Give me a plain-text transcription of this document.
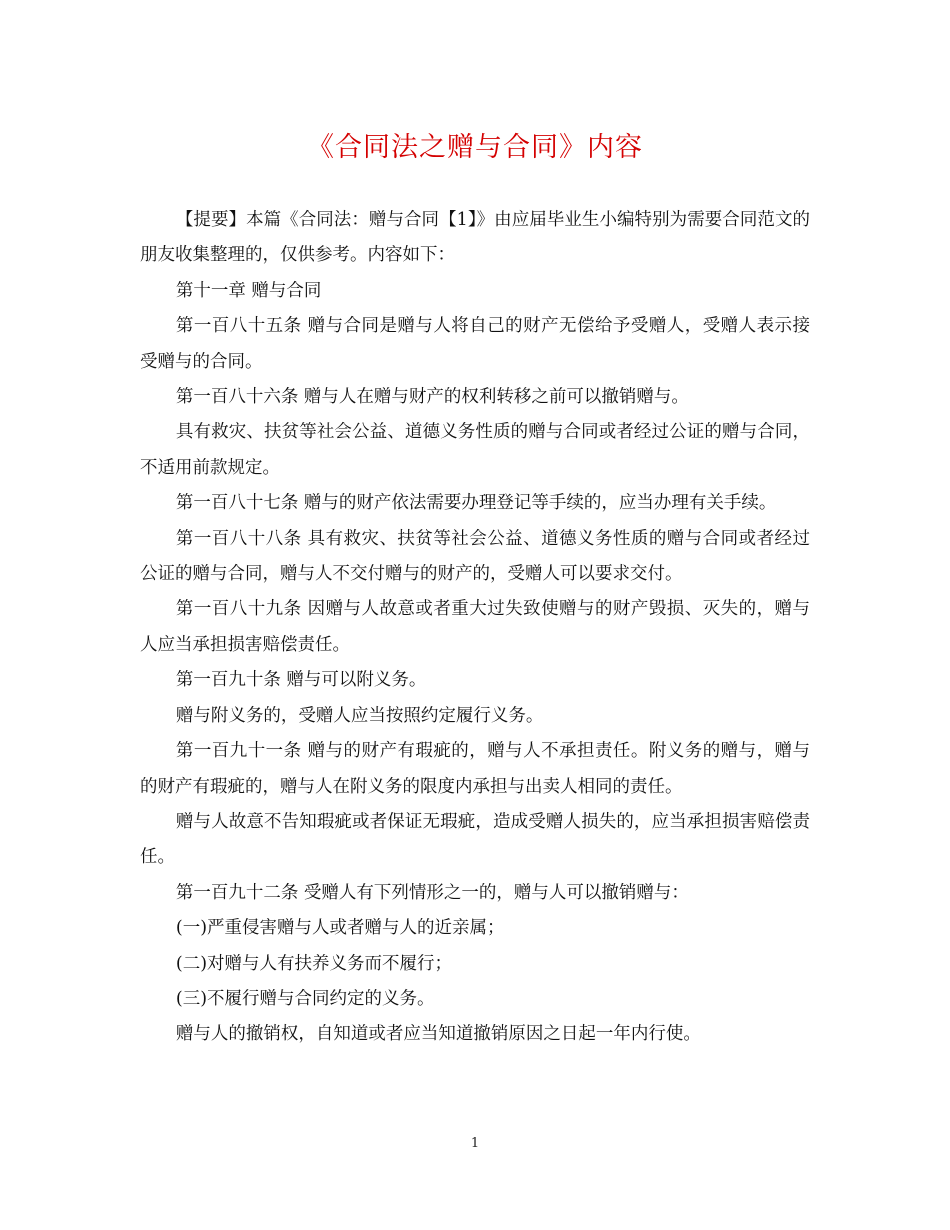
《合同法之赠与合同》内容

【提要】本篇《合同法：赠与合同【1】》由应届毕业生小编特别为需要合同范文的朋友收集整理的，仅供参考。内容如下：

第十一章 赠与合同

第一百八十五条 赠与合同是赠与人将自己的财产无偿给予受赠人，受赠人表示接受赠与的合同。

第一百八十六条 赠与人在赠与财产的权利转移之前可以撤销赠与。

具有救灾、扶贫等社会公益、道德义务性质的赠与合同或者经过公证的赠与合同，不适用前款规定。

第一百八十七条 赠与的财产依法需要办理登记等手续的，应当办理有关手续。

第一百八十八条 具有救灾、扶贫等社会公益、道德义务性质的赠与合同或者经过公证的赠与合同，赠与人不交付赠与的财产的，受赠人可以要求交付。

第一百八十九条 因赠与人故意或者重大过失致使赠与的财产毁损、灭失的，赠与人应当承担损害赔偿责任。

第一百九十条 赠与可以附义务。

赠与附义务的，受赠人应当按照约定履行义务。

第一百九十一条 赠与的财产有瑕疵的，赠与人不承担责任。附义务的赠与，赠与的财产有瑕疵的，赠与人在附义务的限度内承担与出卖人相同的责任。

赠与人故意不告知瑕疵或者保证无瑕疵，造成受赠人损失的，应当承担损害赔偿责任。

第一百九十二条 受赠人有下列情形之一的，赠与人可以撤销赠与：

(一)严重侵害赠与人或者赠与人的近亲属；

(二)对赠与人有扶养义务而不履行；

(三)不履行赠与合同约定的义务。

赠与人的撤销权，自知道或者应当知道撤销原因之日起一年内行使。

1
